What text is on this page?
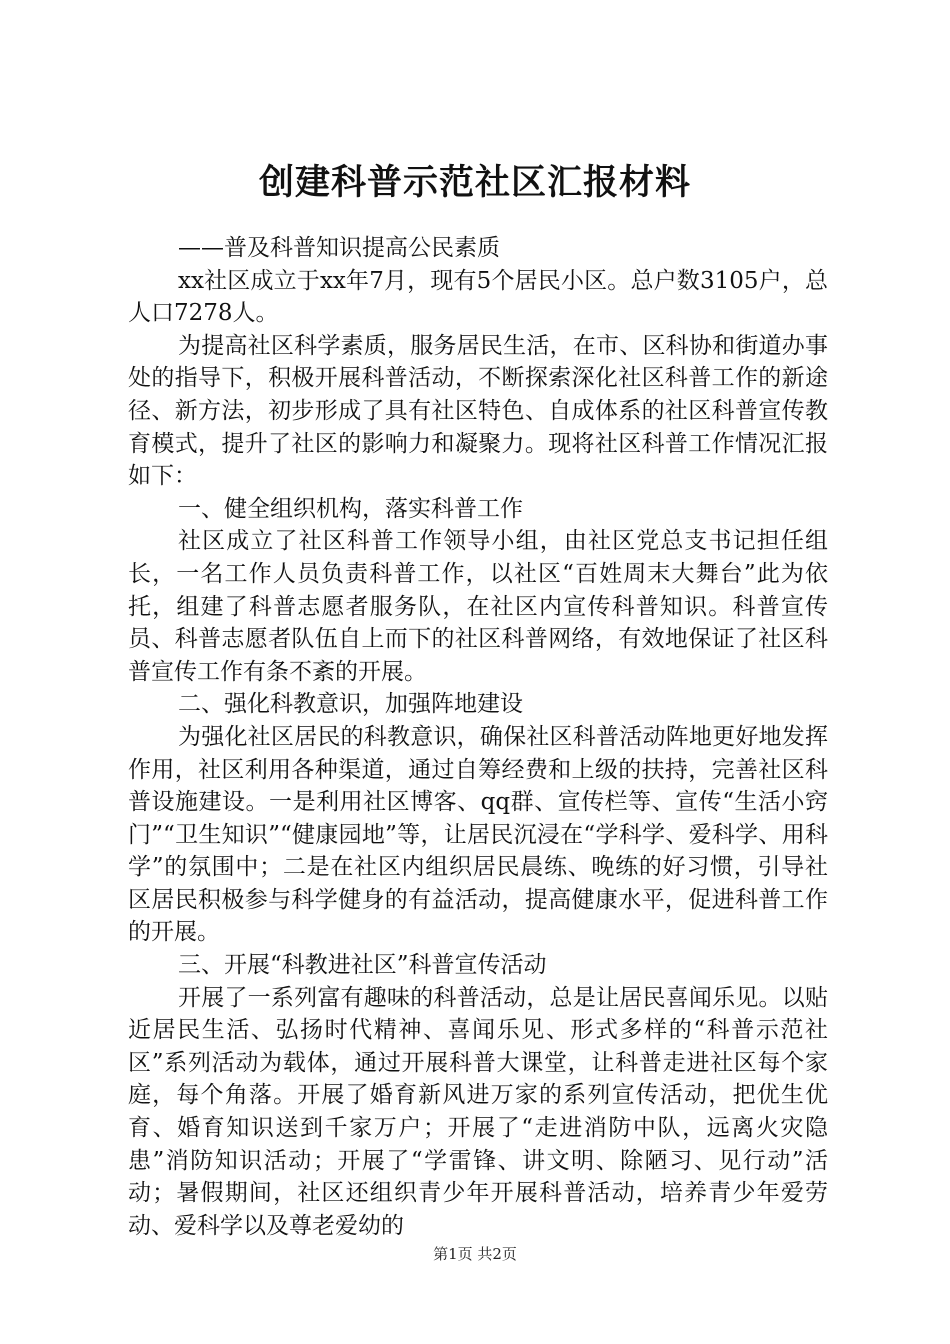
创建科普示范社区汇报材料

——普及科普知识提高公民素质

xx社区成立于xx年7月，现有5个居民小区。总户数3105户，总人口7278人。

为提高社区科学素质，服务居民生活，在市、区科协和街道办事处的指导下，积极开展科普活动，不断探索深化社区科普工作的新途径、新方法，初步形成了具有社区特色、自成体系的社区科普宣传教育模式，提升了社区的影响力和凝聚力。现将社区科普工作情况汇报如下：

一、健全组织机构，落实科普工作

社区成立了社区科普工作领导小组，由社区党总支书记担任组长，一名工作人员负责科普工作，以社区“百姓周末大舞台”此为依托，组建了科普志愿者服务队，在社区内宣传科普知识。科普宣传员、科普志愿者队伍自上而下的社区科普网络，有效地保证了社区科普宣传工作有条不紊的开展。

二、强化科教意识，加强阵地建设

为强化社区居民的科教意识，确保社区科普活动阵地更好地发挥作用，社区利用各种渠道，通过自筹经费和上级的扶持，完善社区科普设施建设。一是利用社区博客、qq群、宣传栏等、宣传“生活小窍门”“卫生知识”“健康园地”等，让居民沉浸在“学科学、爱科学、用科学”的氛围中；二是在社区内组织居民晨练、晚练的好习惯，引导社区居民积极参与科学健身的有益活动，提高健康水平，促进科普工作的开展。

三、开展“科教进社区”科普宣传活动

开展了一系列富有趣味的科普活动，总是让居民喜闻乐见。以贴近居民生活、弘扬时代精神、喜闻乐见、形式多样的“科普示范社区”系列活动为载体，通过开展科普大课堂，让科普走进社区每个家庭，每个角落。开展了婚育新风进万家的系列宣传活动，把优生优育、婚育知识送到千家万户；开展了“走进消防中队，远离火灾隐患”消防知识活动；开展了“学雷锋、讲文明、除陋习、见行动”活动；暑假期间，社区还组织青少年开展科普活动，培养青少年爱劳动、爱科学以及尊老爱幼的

第1页 共2页
